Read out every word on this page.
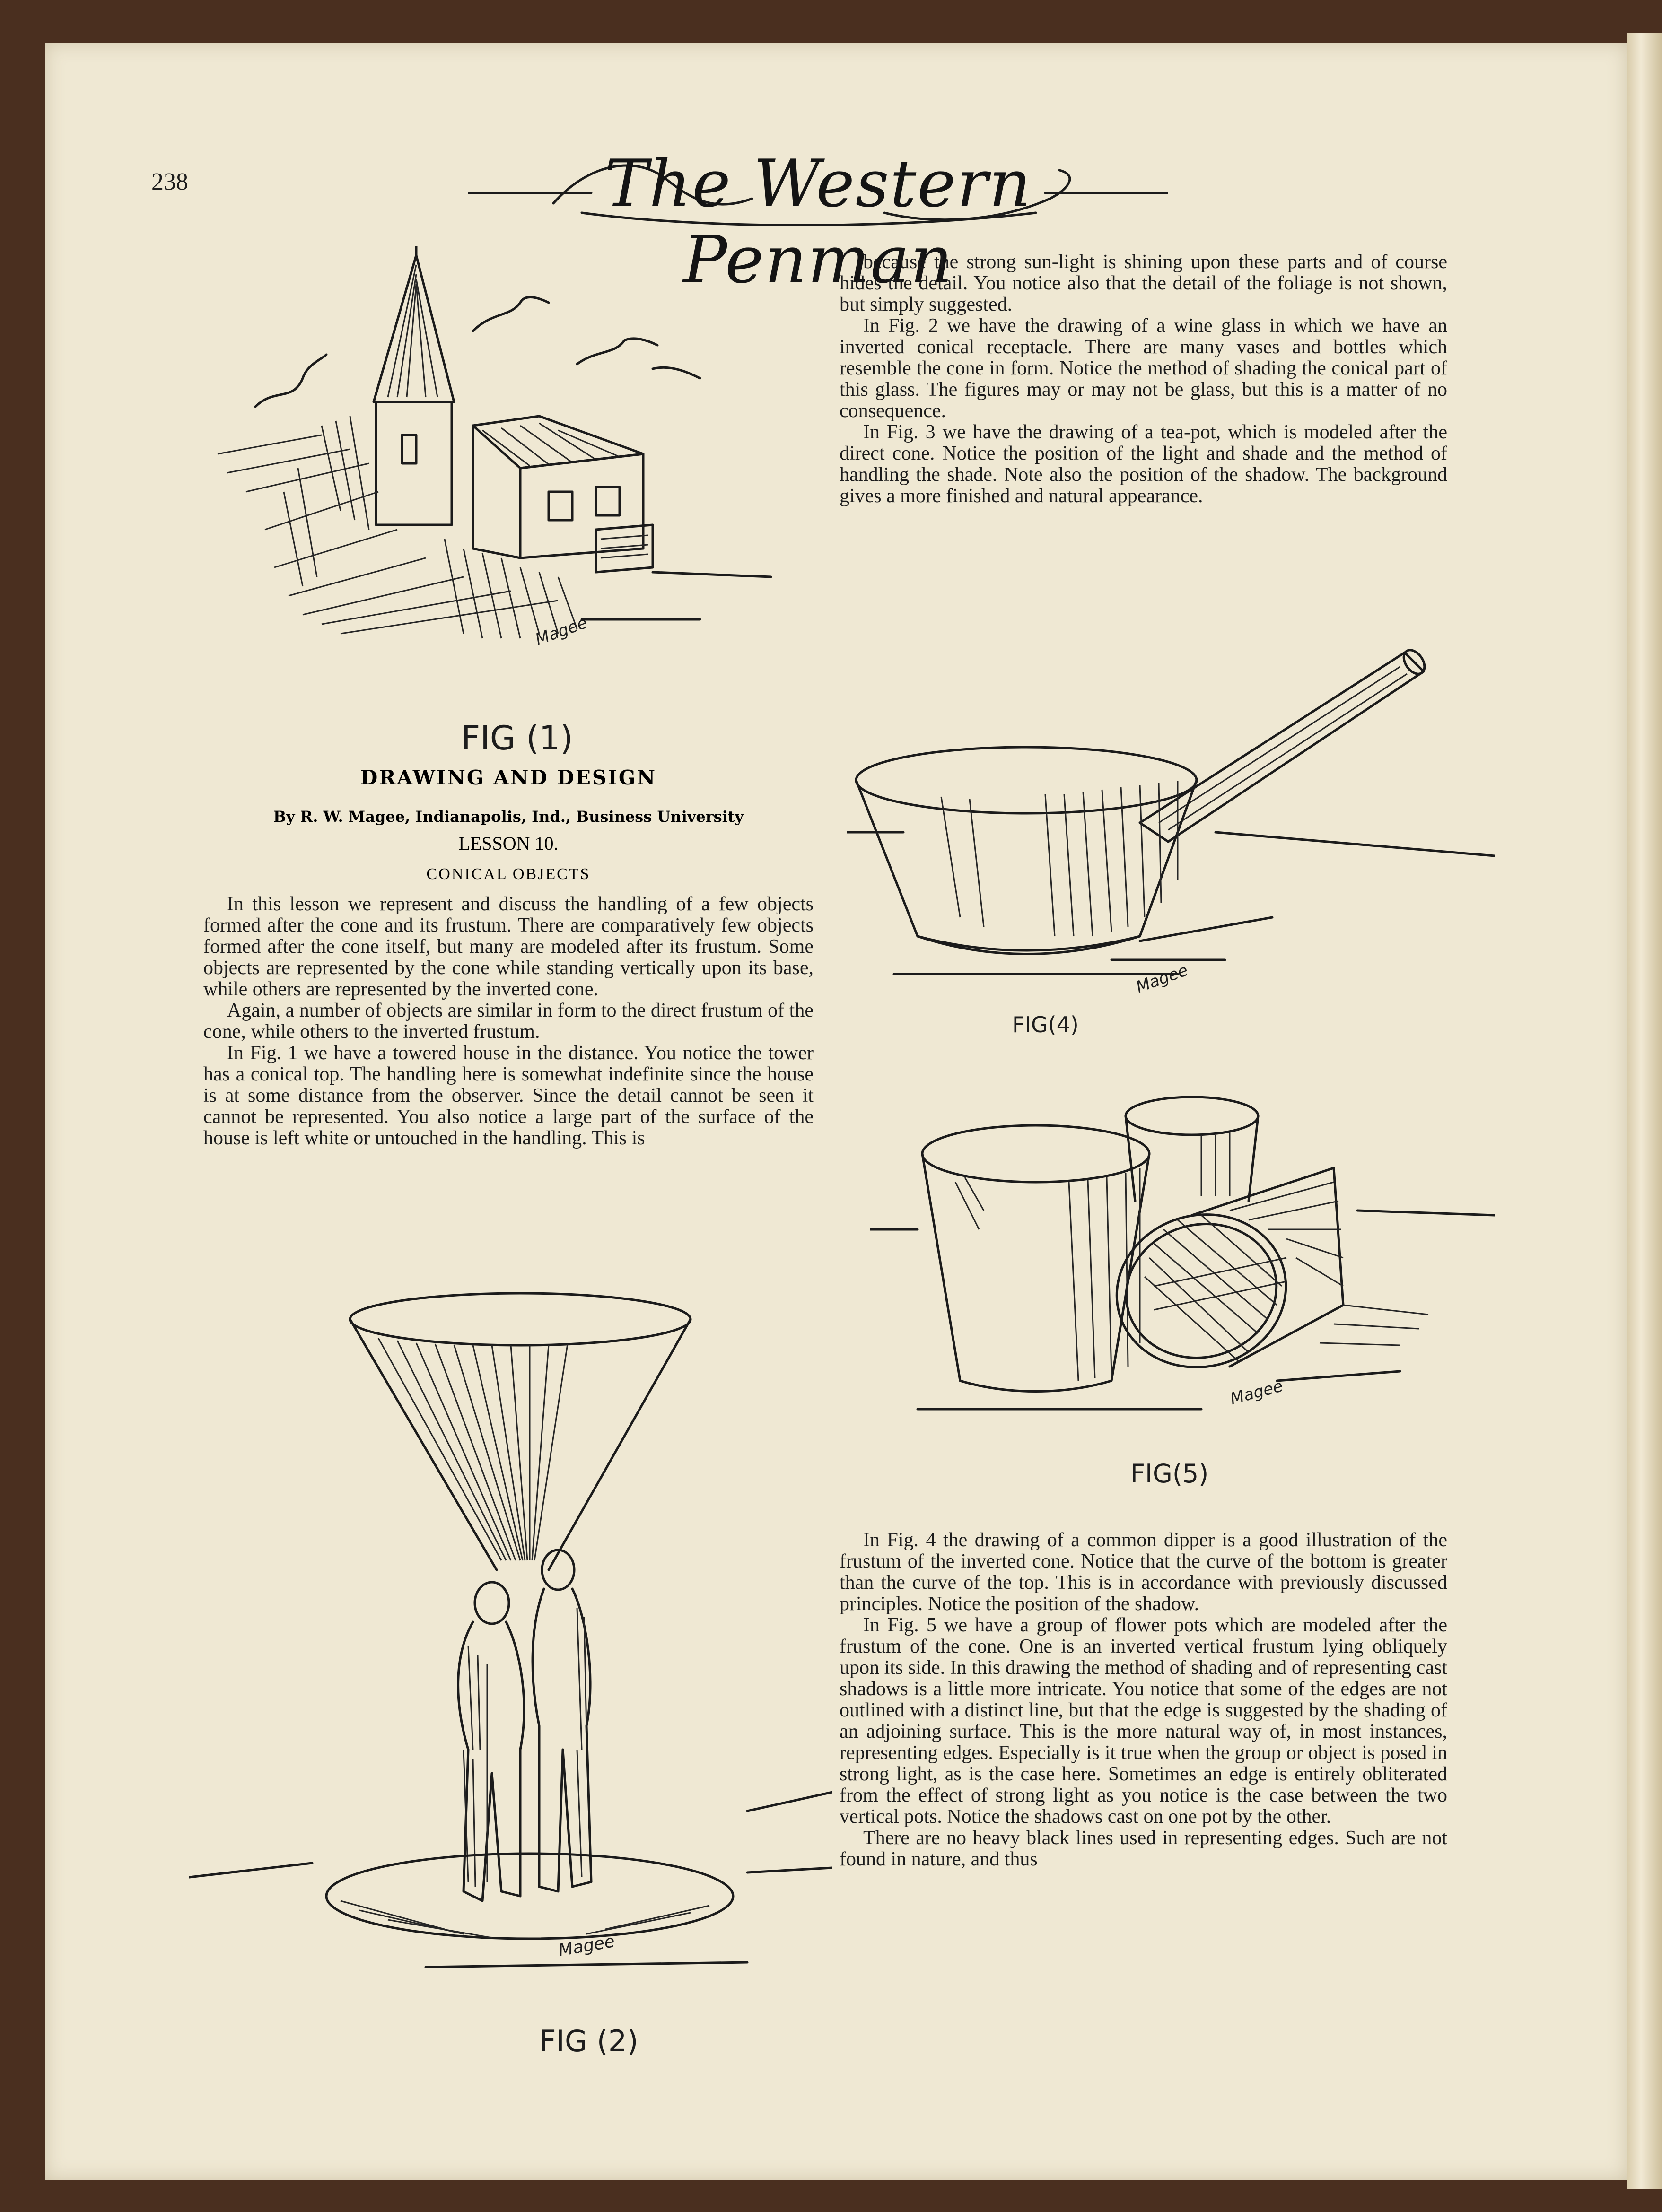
238	The Western Penman
Magee
FIG (1)
DRAWING AND DESIGN
By R. W. Magee, Indianapolis, Ind., Business University
LESSON 10.
CONICAL OBJECTS

In this lesson we represent and discuss the handling of a few objects formed after the cone and its frustum. There are comparatively few objects formed after the cone itself, but many are modeled after its frustum. Some objects are represented by the cone while standing vertically upon its base, while others are represented by the inverted cone.

Again, a number of objects are similar in form to the direct frustum of the cone, while others to the inverted frustum.

In Fig. 1 we have a towered house in the distance. You notice the tower has a conical top. The handling here is somewhat indefinite since the house is at some distance from the observer. Since the detail cannot be seen it cannot be represented. You also notice a large part of the surface of the house is left white or untouched in the handling. This is

because the strong sun-light is shining upon these parts and of course hides the detail. You notice also that the detail of the foliage is not shown, but simply suggested.

In Fig. 2 we have the drawing of a wine glass in which we have an inverted conical receptacle. There are many vases and bottles which resemble the cone in form. Notice the method of shading the conical part of this glass. The figures may or may not be glass, but this is a matter of no consequence.

In Fig. 3 we have the drawing of a tea-pot, which is modeled after the direct cone. Notice the position of the light and shade and the method of handling the shade. Note also the position of the shadow. The background gives a more finished and natural appearance.

Magee
FIG(4)
Magee
FIG(5)
Magee
FIG (2)

In Fig. 4 the drawing of a common dipper is a good illustration of the frustum of the inverted cone. Notice that the curve of the bottom is greater than the curve of the top. This is in accordance with previously discussed principles. Notice the position of the shadow.

In Fig. 5 we have a group of flower pots which are modeled after the frustum of the cone. One is an inverted vertical frustum lying obliquely upon its side. In this drawing the method of shading and of representing cast shadows is a little more intricate. You notice that some of the edges are not outlined with a distinct line, but that the edge is suggested by the shading of an adjoining surface. This is the more natural way of, in most instances, representing edges. Especially is it true when the group or object is posed in strong light, as is the case here. Sometimes an edge is entirely obliterated from the effect of strong light as you notice is the case between the two vertical pots. Notice the shadows cast on one pot by the other.

There are no heavy black lines used in representing edges. Such are not found in nature, and thus
